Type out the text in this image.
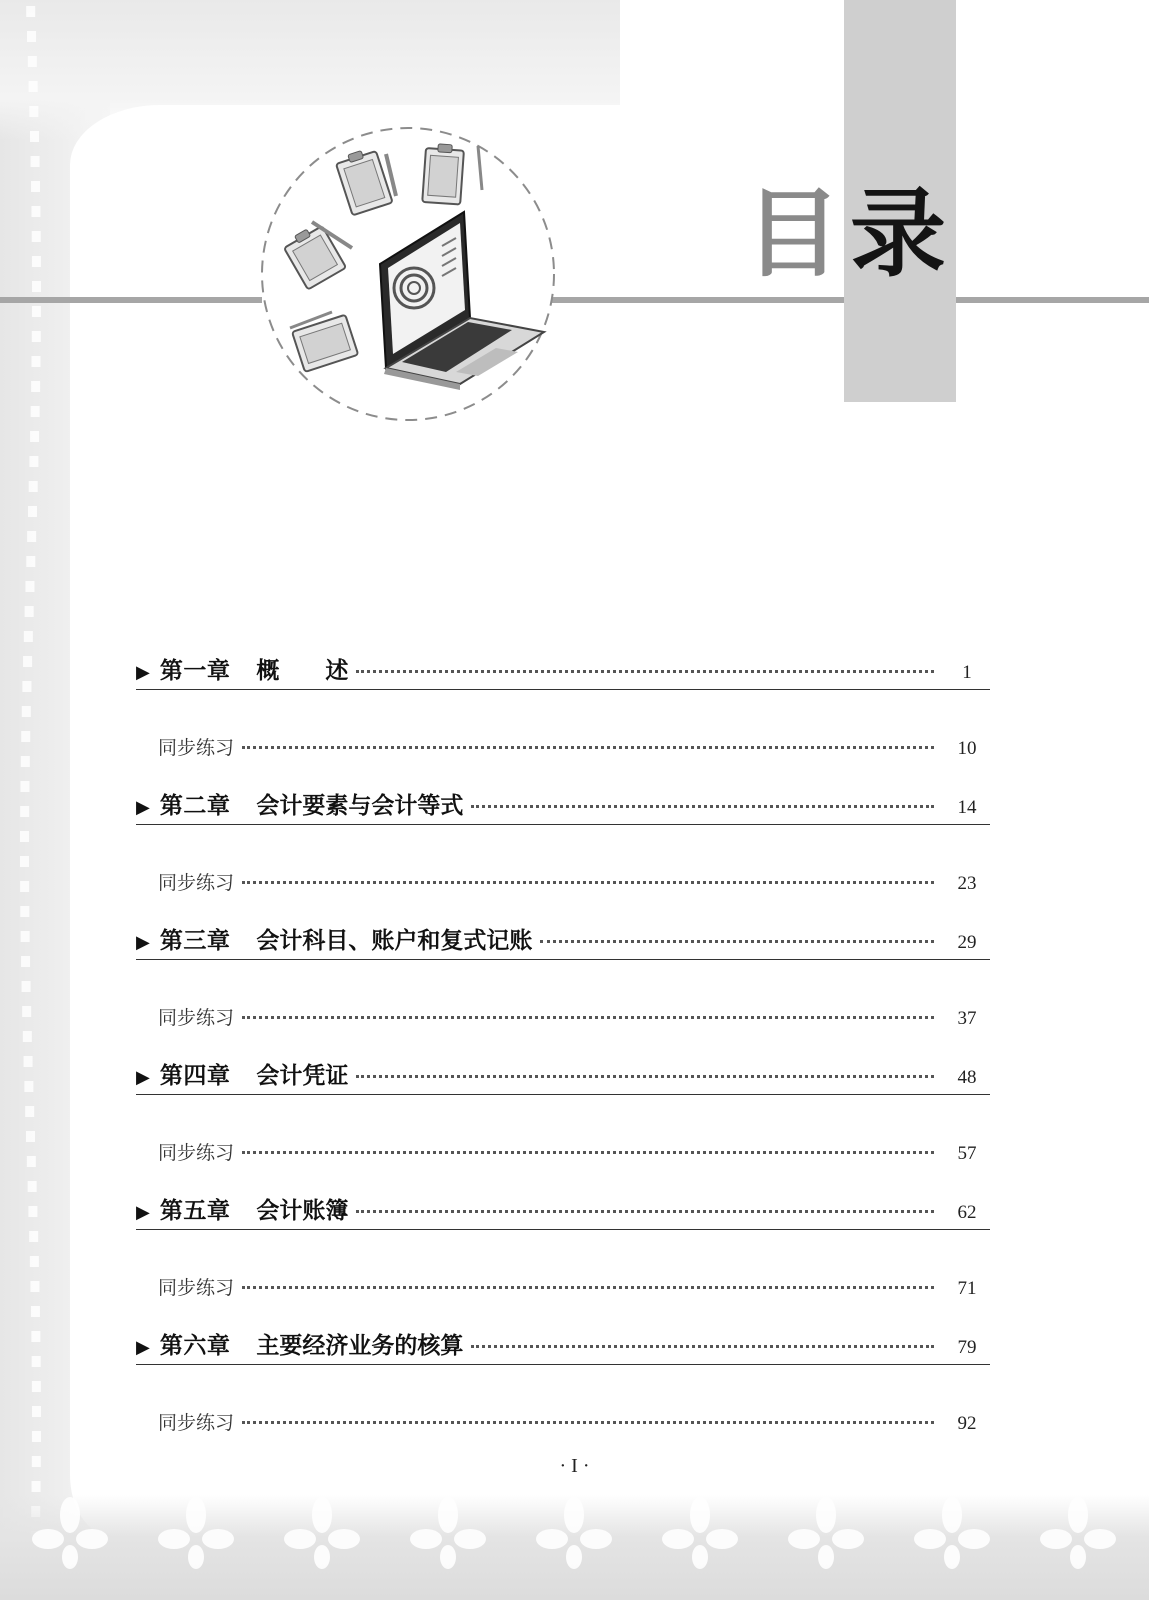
目 录
▶ 第一章 概　　述	1
同步练习	10
▶ 第二章 会计要素与会计等式	14
同步练习	23
▶ 第三章 会计科目、账户和复式记账	29
同步练习	37
▶ 第四章 会计凭证	48
同步练习	57
▶ 第五章 会计账簿	62
同步练习	71
▶ 第六章 主要经济业务的核算	79
同步练习	92
· I ·
